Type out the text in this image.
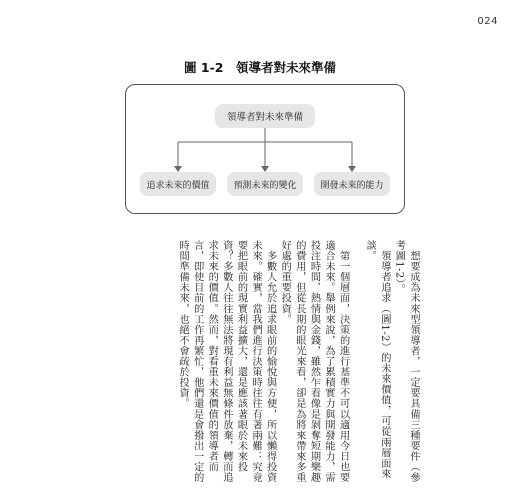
024
圖 1-2　領導者對未來準備
領導者對未來準備
追求未來的價值	預測未來的變化	開發未來的能力

　想要成為未來型領導者，一定要具備三種要件（參考圖1-2）。

　領導者追求（圖1-2）的未來價值，可從兩層面來談。

　第一個層面，決策的進行基準不可以適用今日也要適合未來。舉例來說，為了累積實力與開發能力，需投注時間、熱情與金錢，雖然乍看像是剝奪短期樂趣的費用，但從長期的眼光來看，卻是為將來帶來多重好處的重要投資。

　多數人允於追求眼前的愉悅與方便，所以懶得投資未來。確實，當我們進行決策時往往有著兩難：究竟要把眼前的現實利益擴大，還是應該著眼於未來投資？多數人往往無法將現有利益無條件放棄，轉而追求未來的價值。然而，對看重未來價值的領導者而言，即使目前的工作再繁忙，他們還是會撥出一定的時間準備未來，也絕不會疏於投資。
